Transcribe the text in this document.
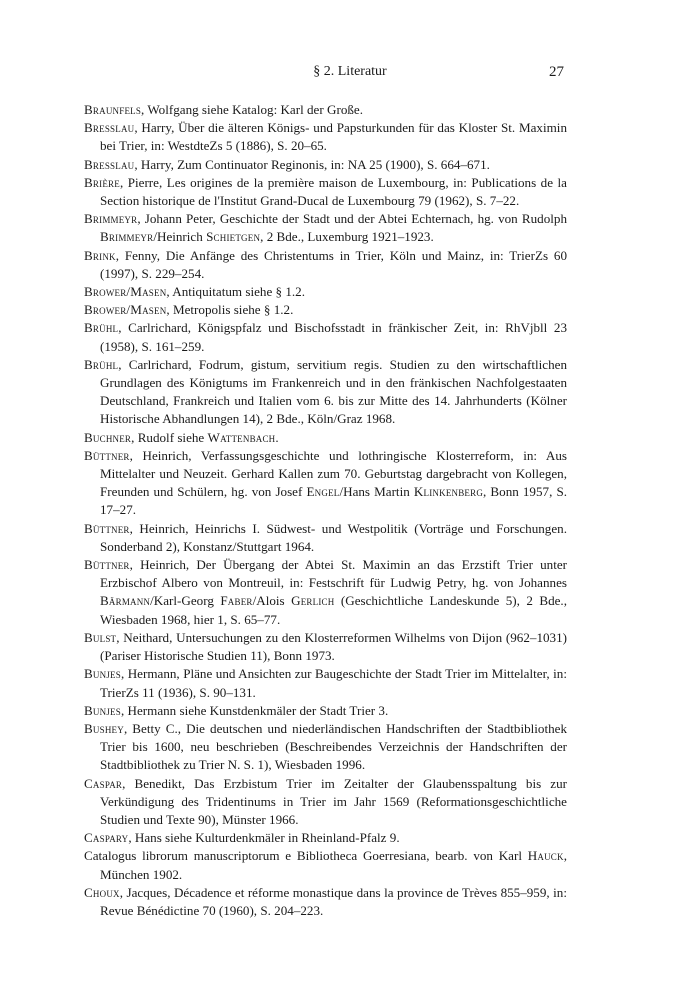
§ 2. Literatur	27

Braunfels, Wolfgang siehe Katalog: Karl der Große.

Bresslau, Harry, Über die älteren Königs- und Papsturkunden für das Kloster St. Maximin bei Trier, in: WestdteZs 5 (1886), S. 20–65.

Bresslau, Harry, Zum Continuator Reginonis, in: NA 25 (1900), S. 664–671.

Brière, Pierre, Les origines de la première maison de Luxembourg, in: Publications de la Section historique de l'Institut Grand-Ducal de Luxembourg 79 (1962), S. 7–22.

Brimmeyr, Johann Peter, Geschichte der Stadt und der Abtei Echternach, hg. von Rudolph Brimmeyr/Heinrich Schietgen, 2 Bde., Luxemburg 1921–1923.

Brink, Fenny, Die Anfänge des Christentums in Trier, Köln und Mainz, in: TrierZs 60 (1997), S. 229–254.

Brower/Masen, Antiquitatum siehe § 1.2.

Brower/Masen, Metropolis siehe § 1.2.

Brühl, Carlrichard, Königspfalz und Bischofsstadt in fränkischer Zeit, in: RhVjbll 23 (1958), S. 161–259.

Brühl, Carlrichard, Fodrum, gistum, servitium regis. Studien zu den wirtschaftlichen Grundlagen des Königtums im Frankenreich und in den fränkischen Nachfolgestaaten Deutschland, Frankreich und Italien vom 6. bis zur Mitte des 14. Jahrhunderts (Kölner Historische Abhandlungen 14), 2 Bde., Köln/Graz 1968.

Buchner, Rudolf siehe Wattenbach.

Büttner, Heinrich, Verfassungsgeschichte und lothringische Klosterreform, in: Aus Mittelalter und Neuzeit. Gerhard Kallen zum 70. Geburtstag dargebracht von Kollegen, Freunden und Schülern, hg. von Josef Engel/Hans Martin Klinkenberg, Bonn 1957, S. 17–27.

Büttner, Heinrich, Heinrichs I. Südwest- und Westpolitik (Vorträge und Forschungen. Sonderband 2), Konstanz/Stuttgart 1964.

Büttner, Heinrich, Der Übergang der Abtei St. Maximin an das Erzstift Trier unter Erzbischof Albero von Montreuil, in: Festschrift für Ludwig Petry, hg. von Johannes Bärmann/Karl-Georg Faber/Alois Gerlich (Geschichtliche Landeskunde 5), 2 Bde., Wiesbaden 1968, hier 1, S. 65–77.

Bulst, Neithard, Untersuchungen zu den Klosterreformen Wilhelms von Dijon (962–1031) (Pariser Historische Studien 11), Bonn 1973.

Bunjes, Hermann, Pläne und Ansichten zur Baugeschichte der Stadt Trier im Mittelalter, in: TrierZs 11 (1936), S. 90–131.

Bunjes, Hermann siehe Kunstdenkmäler der Stadt Trier 3.

Bushey, Betty C., Die deutschen und niederländischen Handschriften der Stadtbibliothek Trier bis 1600, neu beschrieben (Beschreibendes Verzeichnis der Handschriften der Stadtbibliothek zu Trier N. S. 1), Wiesbaden 1996.

Caspar, Benedikt, Das Erzbistum Trier im Zeitalter der Glaubensspaltung bis zur Verkündigung des Tridentinums in Trier im Jahr 1569 (Reformationsgeschichtliche Studien und Texte 90), Münster 1966.

Caspary, Hans siehe Kulturdenkmäler in Rheinland-Pfalz 9.

Catalogus librorum manuscriptorum e Bibliotheca Goerresiana, bearb. von Karl Hauck, München 1902.

Choux, Jacques, Décadence et réforme monastique dans la province de Trèves 855–959, in: Revue Bénédictine 70 (1960), S. 204–223.
